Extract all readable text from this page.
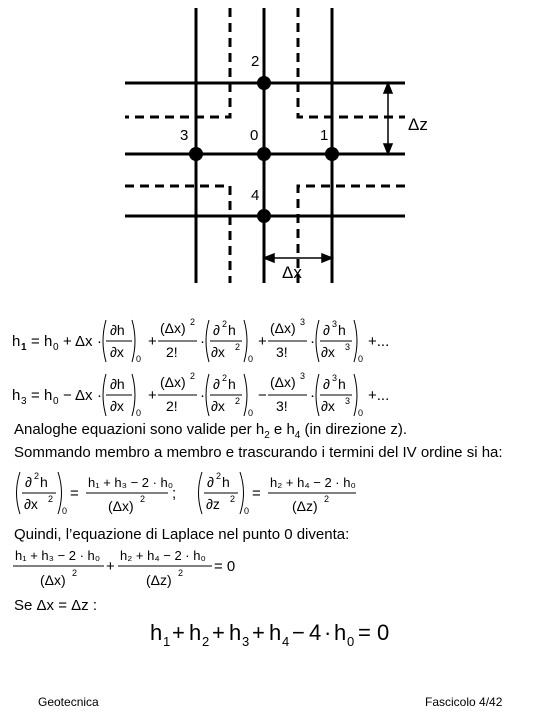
2
3	0	1
4
Δz
Δx
h 1 = h 0 + Δx ·
∂h
∂x 0
+
(Δx) 2
2!
·
∂ 2 h
∂x 2
0
+
(Δx) 3
3!
·
∂ 3 h
∂x 3
0
+...
h 3 = h 0 − Δx ·
∂h
∂x 0
+
(Δx) 2
2!
·
∂ 2 h
∂x 2
0
−
(Δx) 3
3!
·
∂ 3 h
∂x 3
0
+...
Analoghe equazioni sono valide per $h_2$ e $h_4$ (in direzione z).
Sommando membro a membro e trascurando i termini del IV ordine si ha:
∂ 2 h
∂x 2
0
=
h₁ + h₃ − 2 · h₀
(Δx) 2 ;
∂ 2 h
∂z 2
0
=
h₂ + h₄ − 2 · h₀
(Δz) 2
h₁ + h₃ − 2 · h₀
(Δx) 2 +
h₂ + h₄ − 2 · h₀
(Δz) 2 = 0
h 1 + h 2 + h 3 + h 4 − 4 · h 0 = 0
Quindi, l’equazione di Laplace nel punto 0 diventa:
Se Δx = Δz :
Geotecnica	Fascicolo 4/42
